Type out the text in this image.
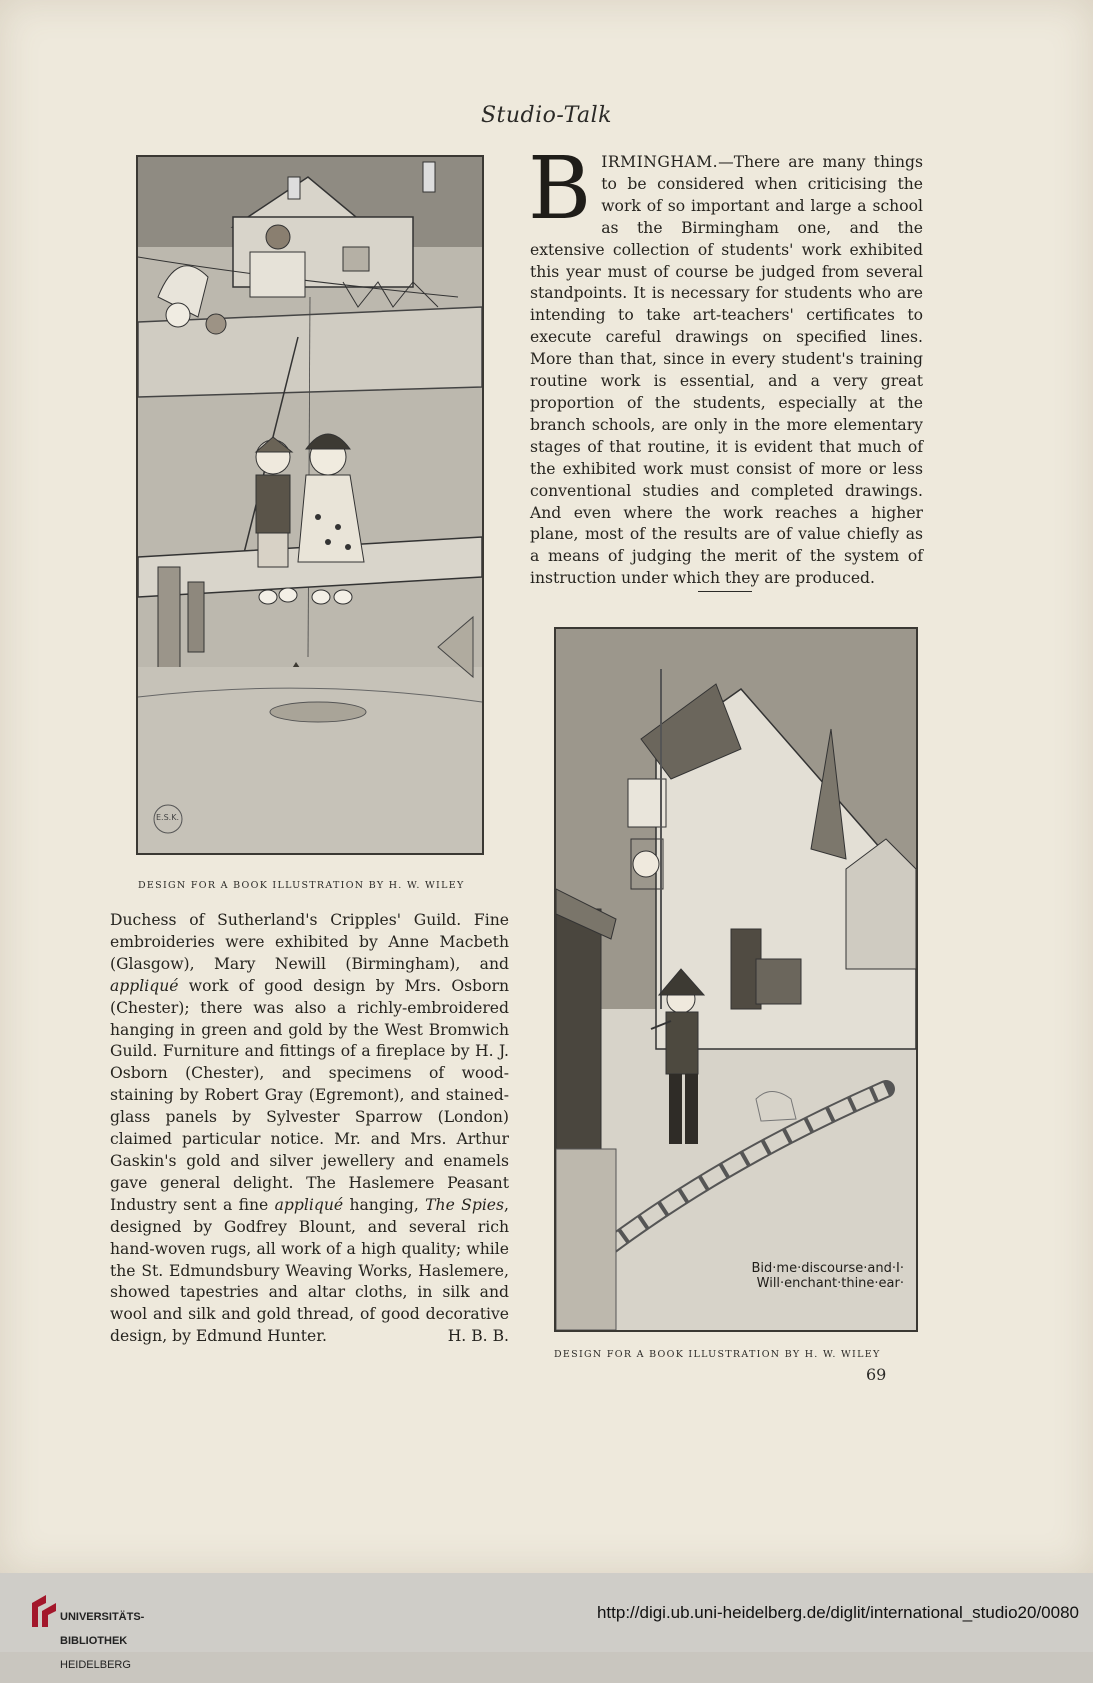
Studio-Talk
E.S.K.
DESIGN FOR A BOOK ILLUSTRATION BY H. W. WILEY
BIRMINGHAM.—There are many things to be considered when criticising the work of so important and large a school as the Birmingham one, and the extensive collection of students' work exhibited this year must of course be judged from several standpoints. It is necessary for students who are intending to take art-teachers' certificates to execute careful drawings on specified lines. More than that, since in every student's training routine work is essential, and a very great proportion of the students, especially at the branch schools, are only in the more elementary stages of that routine, it is evident that much of the exhibited work must consist of more or less conventional studies and completed drawings. And even where the work reaches a higher plane, most of the results are of value chiefly as a means of judging the merit of the system of instruction under which they are produced.
Bid·me·discourse·and·I·
Will·enchant·thine·ear·
DESIGN FOR A BOOK ILLUSTRATION BY H. W. WILEY
Duchess of Sutherland's Cripples' Guild. Fine embroideries were exhibited by Anne Macbeth (Glasgow), Mary Newill (Birmingham), and appliqué work of good design by Mrs. Osborn (Chester); there was also a richly-embroidered hanging in green and gold by the West Bromwich Guild. Furniture and fittings of a fireplace by H. J. Osborn (Chester), and specimens of wood-staining by Robert Gray (Egremont), and stained-glass panels by Sylvester Sparrow (London) claimed particular notice. Mr. and Mrs. Arthur Gaskin's gold and silver jewellery and enamels gave general delight. The Haslemere Peasant Industry sent a fine appliqué hanging, The Spies, designed by Godfrey Blount, and several rich hand-woven rugs, all work of a high quality; while the St. Edmundsbury Weaving Works, Haslemere, showed tapestries and altar cloths, in silk and wool and silk and gold thread, of good decorative design, by Edmund Hunter.	H. B. B.
69

UNIVERSITÄTS-

BIBLIOTHEK

HEIDELBERG

http://digi.ub.uni-heidelberg.de/diglit/international_studio20/0080
